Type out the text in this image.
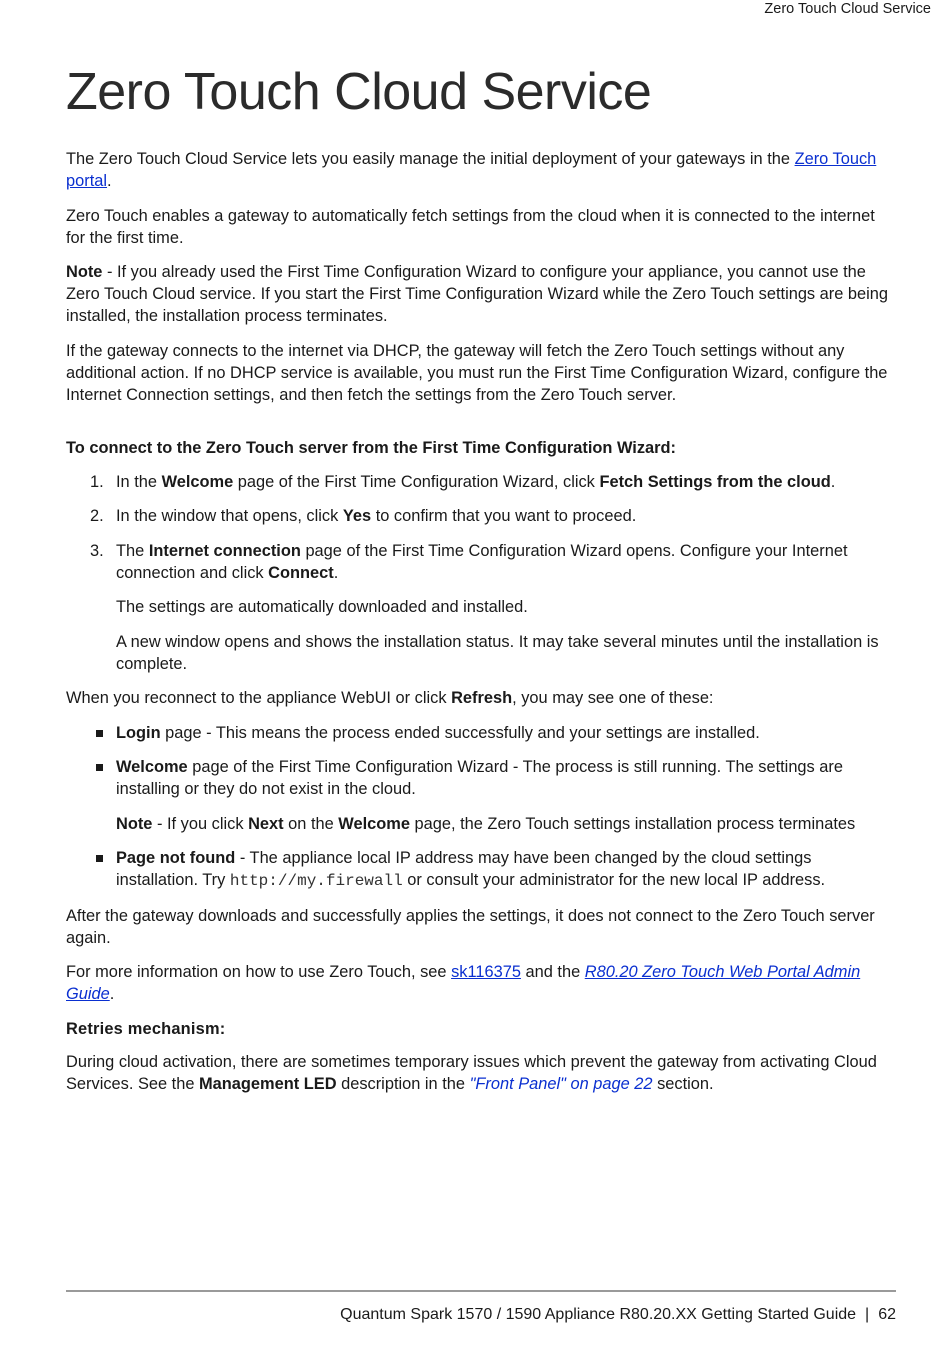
Zero Touch Cloud Service
Zero Touch Cloud Service

The Zero Touch Cloud Service lets you easily manage the initial deployment of your gateways in the Zero Touch portal.

Zero Touch enables a gateway to automatically fetch settings from the cloud when it is connected to the internet for the first time.

Note - If you already used the First Time Configuration Wizard to configure your appliance, you cannot use the Zero Touch Cloud service. If you start the First Time Configuration Wizard while the Zero Touch settings are being installed, the installation process terminates.

If the gateway connects to the internet via DHCP, the gateway will fetch the Zero Touch settings without any additional action. If no DHCP service is available, you must run the First Time Configuration Wizard, configure the Internet Connection settings, and then fetch the settings from the Zero Touch server.

To connect to the Zero Touch server from the First Time Configuration Wizard:
1. In the Welcome page of the First Time Configuration Wizard, click Fetch Settings from the cloud.
2. In the window that opens, click Yes to confirm that you want to proceed.
3. The Internet connection page of the First Time Configuration Wizard opens. Configure your Internet connection and click Connect.

The settings are automatically downloaded and installed.

A new window opens and shows the installation status. It may take several minutes until the installation is complete.

When you reconnect to the appliance WebUI or click Refresh, you may see one of these:

Login page - This means the process ended successfully and your settings are installed.
Welcome page of the First Time Configuration Wizard - The process is still running. The settings are installing or they do not exist in the cloud.

Note - If you click Next on the Welcome page, the Zero Touch settings installation process terminates

Page not found - The appliance local IP address may have been changed by the cloud settings installation. Try http://my.firewall or consult your administrator for the new local IP address.

After the gateway downloads and successfully applies the settings, it does not connect to the Zero Touch server again.

For more information on how to use Zero Touch, see sk116375 and the R80.20 Zero Touch Web Portal Admin Guide.

Retries mechanism:

During cloud activation, there are sometimes temporary issues which prevent the gateway from activating Cloud Services. See the Management LED description in the "Front Panel" on page 22 section.

Quantum Spark 1570 / 1590 Appliance R80.20.XX Getting Started Guide | 62
